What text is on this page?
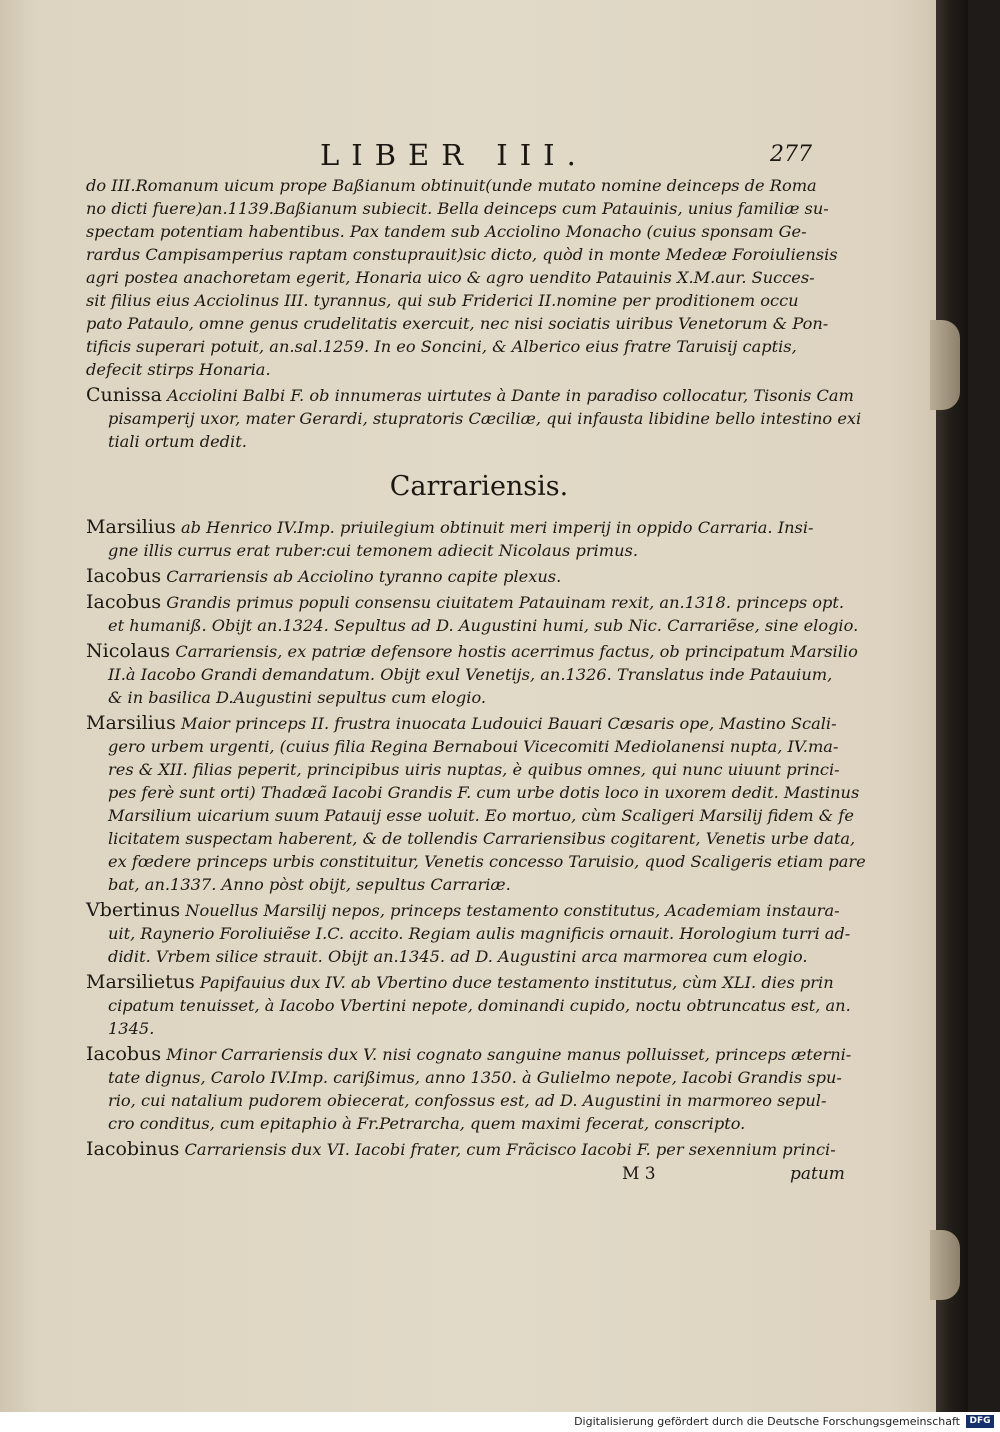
LIBER III.	277
do III.Romanum uicum prope Baßianum obtinuit(unde mutato nomine deinceps de Roma
no dicti fuere)an.1139.Baßianum subiecit. Bella deinceps cum Patauinis, unius familiæ su-
spectam potentiam habentibus. Pax tandem sub Acciolino Monacho (cuius sponsam Ge-
rardus Campisamperius raptam constuprauit)sic dicto, quòd in monte Medeæ Foroiuliensis
agri postea anachoretam egerit, Honaria uico & agro uendito Patauinis X.M.aur. Succes-
sit filius eius Acciolinus III. tyrannus, qui sub Friderici II.nomine per proditionem occu
pato Pataulo, omne genus crudelitatis exercuit, nec nisi sociatis uiribus Venetorum & Pon-
tificis superari potuit, an.sal.1259. In eo Soncini, & Alberico eius fratre Taruisij captis,
defecit stirps Honaria.
Cunissa Acciolini Balbi F. ob innumeras uirtutes à Dante in paradiso collocatur, Tisonis Cam
pisamperij uxor, mater Gerardi, stupratoris Cæciliæ, qui infausta libidine bello intestino exi
tiali ortum dedit.
Carrariensis.
Marsilius ab Henrico IV.Imp. priuilegium obtinuit meri imperij in oppido Carraria. Insi-
gne illis currus erat ruber:cui temonem adiecit Nicolaus primus.
Iacobus Carrariensis ab Acciolino tyranno capite plexus.
Iacobus Grandis primus populi consensu ciuitatem Patauinam rexit, an.1318. princeps opt.
et humaniß. Obijt an.1324. Sepultus ad D. Augustini humi, sub Nic. Carrariẽse, sine elogio.
Nicolaus Carrariensis, ex patriæ defensore hostis acerrimus factus, ob principatum Marsilio
II.à Iacobo Grandi demandatum. Obijt exul Venetijs, an.1326. Translatus inde Patauium,
& in basilica D.Augustini sepultus cum elogio.
Marsilius Maior princeps II. frustra inuocata Ludouici Bauari Cæsaris ope, Mastino Scali-
gero urbem urgenti, (cuius filia Regina Bernaboui Vicecomiti Mediolanensi nupta, IV.ma-
res & XII. filias peperit, principibus uiris nuptas, è quibus omnes, qui nunc uiuunt princi-
pes ferè sunt orti) Thadæã Iacobi Grandis F. cum urbe dotis loco in uxorem dedit. Mastinus
Marsilium uicarium suum Patauij esse uoluit. Eo mortuo, cùm Scaligeri Marsilij fidem & fe
licitatem suspectam haberent, & de tollendis Carrariensibus cogitarent, Venetis urbe data,
ex fœdere princeps urbis constituitur, Venetis concesso Taruisio, quod Scaligeris etiam pare
bat, an.1337. Anno pòst obijt, sepultus Carrariæ.
Vbertinus Nouellus Marsilij nepos, princeps testamento constitutus, Academiam instaura-
uit, Raynerio Foroliuiẽse I.C. accito. Regiam aulis magnificis ornauit. Horologium turri ad-
didit. Vrbem silice strauit. Obijt an.1345. ad D. Augustini arca marmorea cum elogio.
Marsilietus Papifauius dux IV. ab Vbertino duce testamento institutus, cùm XLI. dies prin
cipatum tenuisset, à Iacobo Vbertini nepote, dominandi cupido, noctu obtruncatus est, an.
1345.
Iacobus Minor Carrariensis dux V. nisi cognato sanguine manus polluisset, princeps æterni-
tate dignus, Carolo IV.Imp. carißimus, anno 1350. à Gulielmo nepote, Iacobi Grandis spu-
rio, cui natalium pudorem obiecerat, confossus est, ad D. Augustini in marmoreo sepul-
cro conditus, cum epitaphio à Fr.Petrarcha, quem maximi fecerat, conscripto.
Iacobinus Carrariensis dux VI. Iacobi frater, cum Frãcisco Iacobi F. per sexennium princi-
M 3	patum
Digitalisierung gefördert durch die Deutsche Forschungsgemeinschaft	DFG
